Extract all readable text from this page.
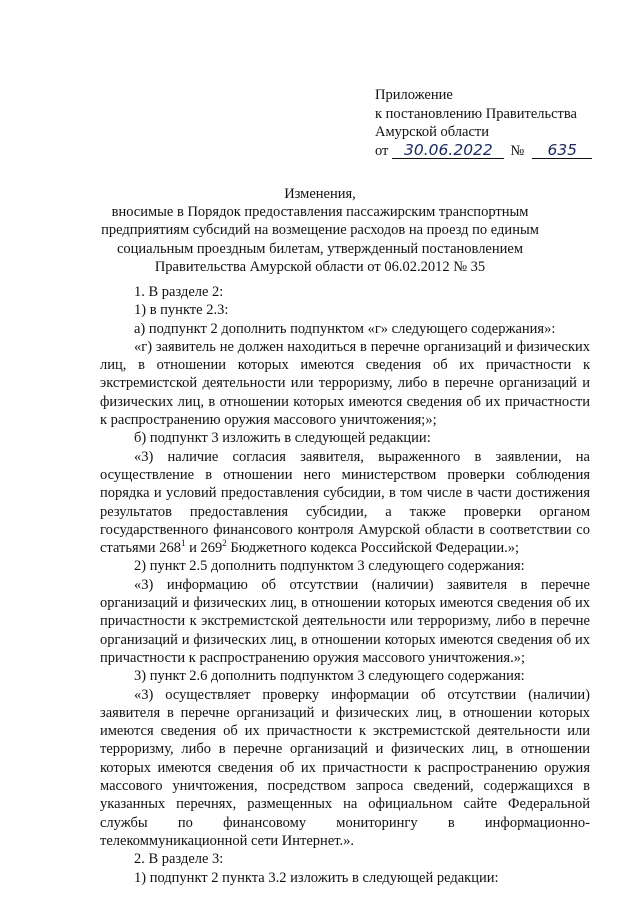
Приложение
к постановлению Правительства
Амурской области
от	30.06.2022	№	635
Изменения,
вносимые в Порядок предоставления пассажирским транспортным предприятиям субсидий на возмещение расходов на проезд по единым социальным проездным билетам, утвержденный постановлением Правительства Амурской области от 06.02.2012 № 35

1. В разделе 2:

1) в пункте 2.3:

а) подпункт 2 дополнить подпунктом «г» следующего содержания»:

«г) заявитель не должен находиться в перечне организаций и физических лиц, в отношении которых имеются сведения об их причастности к экстремистской деятельности или терроризму, либо в перечне организаций и физических лиц, в отношении которых имеются сведения об их причастности к распространению оружия массового уничтожения;»;

б) подпункт 3 изложить в следующей редакции:

«3) наличие согласия заявителя, выраженного в заявлении, на осуществление в отношении него министерством проверки соблюдения порядка и условий предоставления субсидии, в том числе в части достижения результатов предоставления субсидии, а также проверки органом государственного финансового контроля Амурской области в соответствии со статьями $268^1$ и $269^2$ Бюджетного кодекса Российской Федерации.»;

2) пункт 2.5 дополнить подпунктом 3 следующего содержания:

«3) информацию об отсутствии (наличии) заявителя в перечне организаций и физических лиц, в отношении которых имеются сведения об их причастности к экстремистской деятельности или терроризму, либо в перечне организаций и физических лиц, в отношении которых имеются сведения об их причастности к распространению оружия массового уничтожения.»;

3) пункт 2.6 дополнить подпунктом 3 следующего содержания:

«3) осуществляет проверку информации об отсутствии (наличии) заявителя в перечне организаций и физических лиц, в отношении которых имеются сведения об их причастности к экстремистской деятельности или терроризму, либо в перечне организаций и физических лиц, в отношении которых имеются сведения об их причастности к распространению оружия массового уничтожения, посредством запроса сведений, содержащихся в указанных перечнях, размещенных на официальном сайте Федеральной службы по финансовому мониторингу в информационно-телекоммуникационной сети Интернет.».

2. В разделе 3:

1) подпункт 2 пункта 3.2 изложить в следующей редакции:
